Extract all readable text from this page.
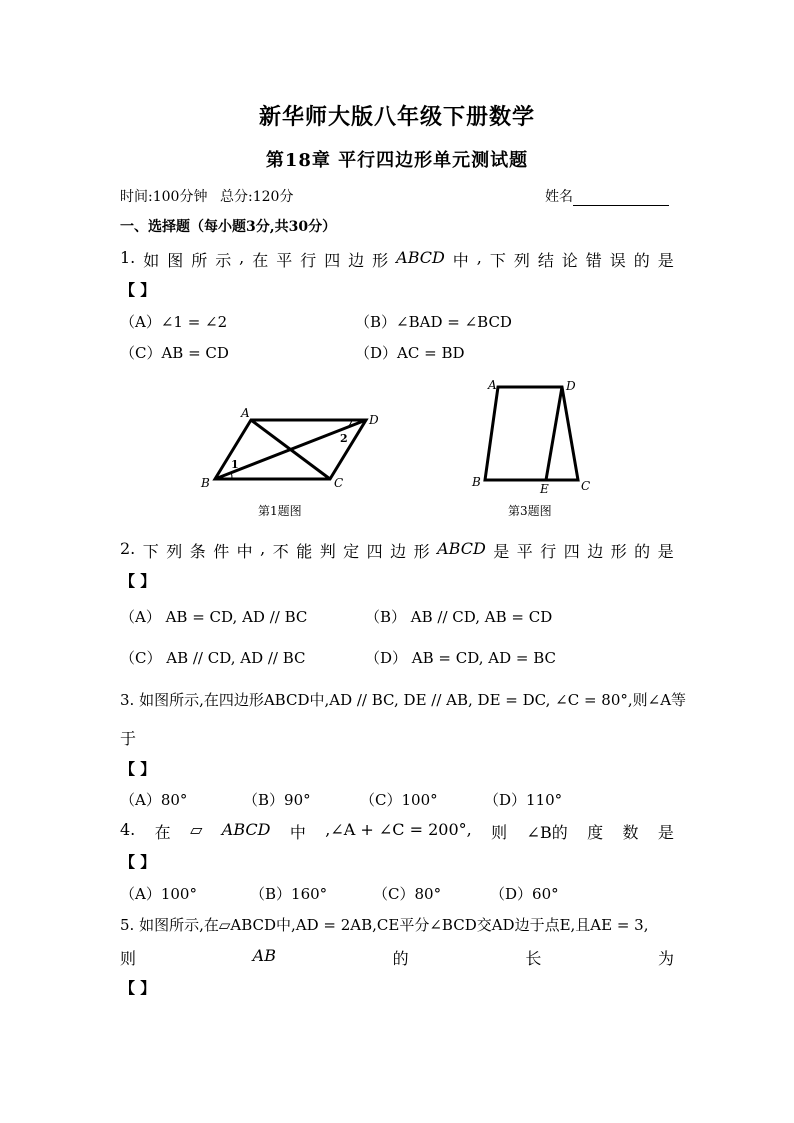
新华师大版八年级下册数学
第18章 平行四边形单元测试题
时间:100分钟 总分:120分	姓名
一、选择题（每小题3分,共30分）
1. 如 图 所 示 , 在 平 行 四 边 形 ABCD 中 , 下 列 结 论 错 误 的 是
【 】
（A）∠1 = ∠2	（B）∠BAD = ∠BCD
（C）AB = CD	（D）AC = BD
A
B	C
D
1
2
A
B	C
D
E
第1题图	第3题图
2. 下 列 条 件 中 , 不 能 判 定 四 边 形 ABCD 是 平 行 四 边 形 的 是
【 】
（A） AB = CD, AD // BC	（B） AB // CD, AB = CD
（C） AB // CD, AD // BC	（D） AB = CD, AD = BC
3. 如图所示,在四边形ABCD中,AD // BC, DE // AB, DE = DC, ∠C = 80°,则∠A等
于
【 】
（A）80°	（B）90°	（C）100°	（D）110°
4. 在 ▱ ABCD 中 ,∠A + ∠C = 200°, 则 ∠B的 度 数 是
【 】
（A）100°	（B）160°	（C）80°	（D）60°
5. 如图所示,在▱ABCD中,AD = 2AB,CE平分∠BCD交AD边于点E,且AE = 3,
则	AB	的	长	为
【 】
